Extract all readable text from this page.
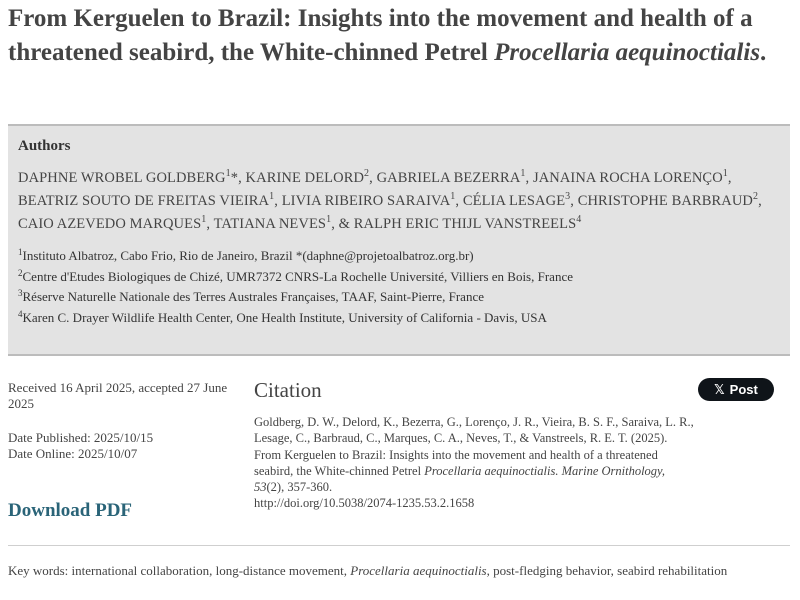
From Kerguelen to Brazil: Insights into the movement and health of a threatened seabird, the White-chinned Petrel Procellaria aequinoctialis.
Authors
DAPHNE WROBEL GOLDBERG$^1$*, KARINE DELORD$^2$, GABRIELA BEZERRA$^1$, JANAINA ROCHA LORENÇO$^1$, BEATRIZ SOUTO DE FREITAS VIEIRA$^1$, LIVIA RIBEIRO SARAIVA$^1$, CÉLIA LESAGE$^3$, CHRISTOPHE BARBRAUD$^2$, CAIO AZEVEDO MARQUES$^1$, TATIANA NEVES$^1$, & RALPH ERIC THIJL VANSTREELS$^4$
$^1$Instituto Albatroz, Cabo Frio, Rio de Janeiro, Brazil *(daphne@projetoalbatroz.org.br)
$^2$Centre d'Etudes Biologiques de Chizé, UMR7372 CNRS-La Rochelle Université, Villiers en Bois, France
$^3$Réserve Naturelle Nationale des Terres Australes Françaises, TAAF, Saint-Pierre, France
$^4$Karen C. Drayer Wildlife Health Center, One Health Institute, University of California - Davis, USA
Received 16 April 2025, accepted 27 June 2025
Date Published: 2025/10/15
Date Online: 2025/10/07
Download PDF
Citation
Goldberg, D. W., Delord, K., Bezerra, G., Lorenço, J. R., Vieira, B. S. F., Saraiva, L. R., Lesage, C., Barbraud, C., Marques, C. A., Neves, T., & Vanstreels, R. E. T. (2025). From Kerguelen to Brazil: Insights into the movement and health of a threatened seabird, the White-chinned Petrel Procellaria aequinoctialis. Marine Ornithology, 53(2), 357-360.
http://doi.org/10.5038/2074-1235.53.2.1658
𝕏 Post
Key words: international collaboration, long-distance movement, Procellaria aequinoctialis, post-fledging behavior, seabird rehabilitation
